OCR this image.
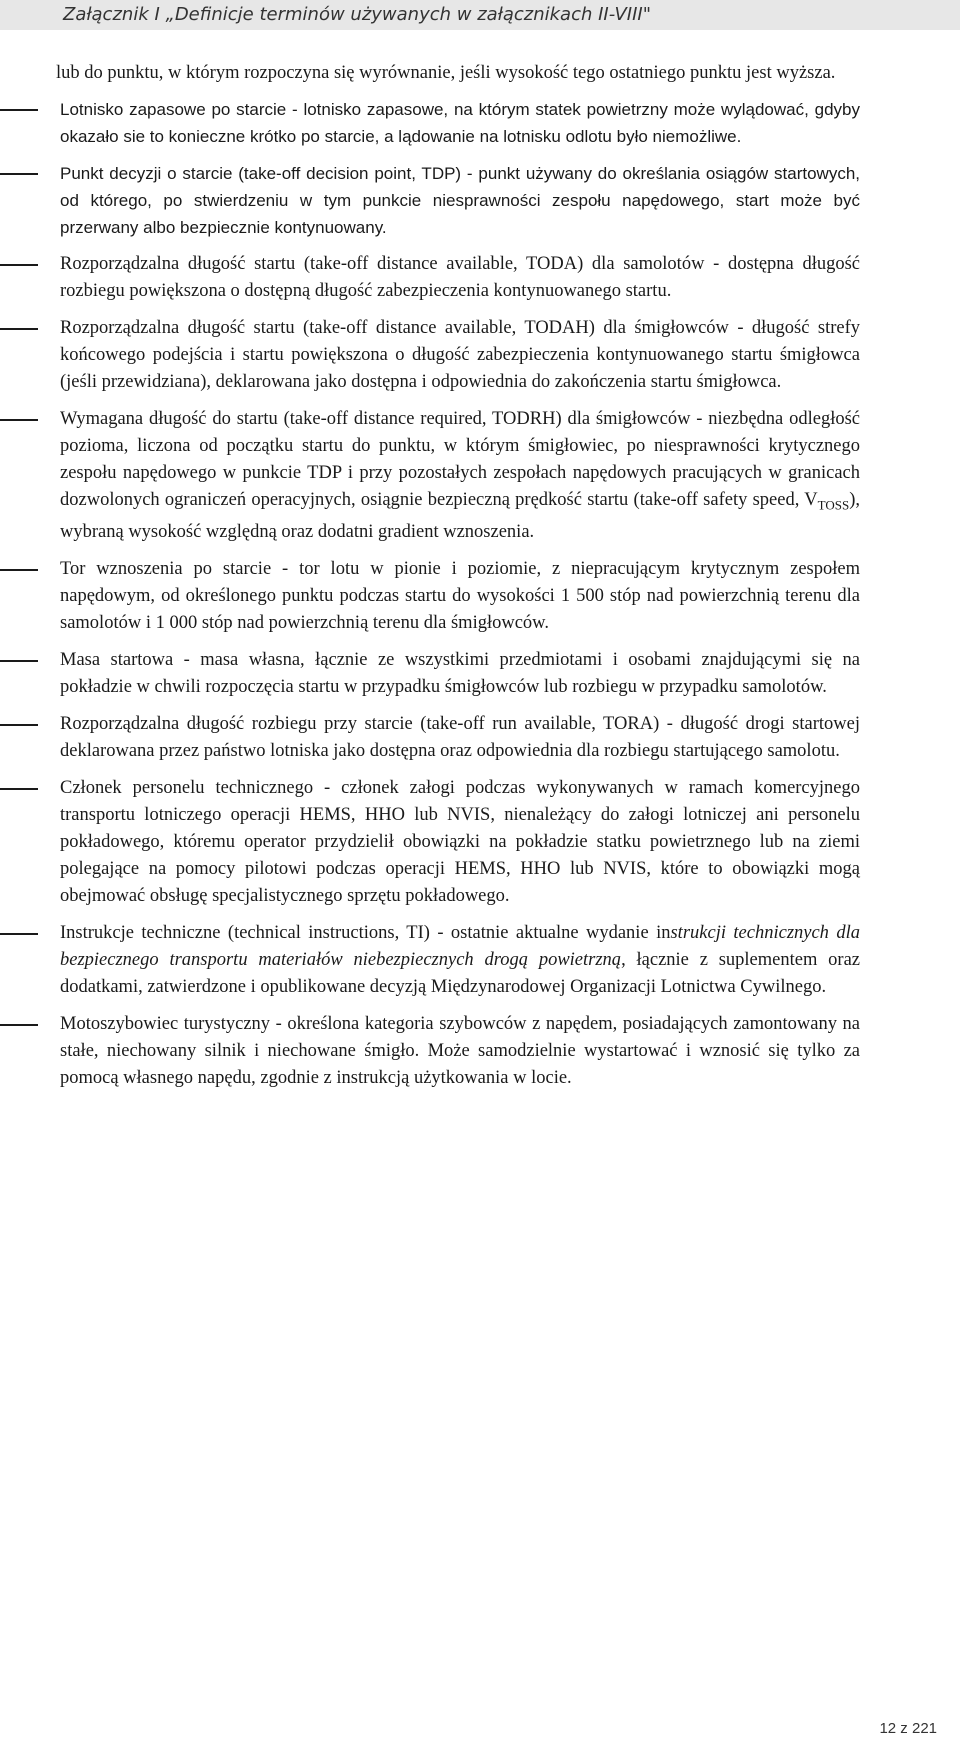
Załącznik I „Definicje terminów używanych w załącznikach II-VIII"

lub do punktu, w którym rozpoczyna się wyrównanie, jeśli wysokość tego ostatniego punktu jest wyższa.

Lotnisko zapasowe po starcie - lotnisko zapasowe, na którym statek powietrzny może wylądować, gdyby okazało sie to konieczne krótko po starcie, a lądowanie na lotnisku odlotu było niemożliwe.
Punkt decyzji o starcie (take-off decision point, TDP) - punkt używany do określania osiągów startowych, od którego, po stwierdzeniu w tym punkcie niesprawności zespołu napędowego, start może być przerwany albo bezpiecznie kontynuowany.
Rozporządzalna długość startu (take-off distance available, TODA) dla samolotów - dostępna długość rozbiegu powiększona o dostępną długość zabezpieczenia kontynuowanego startu.
Rozporządzalna długość startu (take-off distance available, TODAH) dla śmigłowców - długość strefy końcowego podejścia i startu powiększona o długość zabezpieczenia kontynuowanego startu śmigłowca (jeśli przewidziana), deklarowana jako dostępna i odpowiednia do zakończenia startu śmigłowca.
Wymagana długość do startu (take-off distance required, TODRH) dla śmigłowców - niezbędna odległość pozioma, liczona od początku startu do punktu, w którym śmigłowiec, po niesprawności krytycznego zespołu napędowego w punkcie TDP i przy pozostałych zespołach napędowych pracujących w granicach dozwolonych ograniczeń operacyjnych, osiągnie bezpieczną prędkość startu (take-off safety speed, $V_{TOSS}$), wybraną wysokość względną oraz dodatni gradient wznoszenia.
Tor wznoszenia po starcie - tor lotu w pionie i poziomie, z niepracującym krytycznym zespołem napędowym, od określonego punktu podczas startu do wysokości 1 500 stóp nad powierzchnią terenu dla samolotów i 1 000 stóp nad powierzchnią terenu dla śmigłowców.
Masa startowa - masa własna, łącznie ze wszystkimi przedmiotami i osobami znajdującymi się na pokładzie w chwili rozpoczęcia startu w przypadku śmigłowców lub rozbiegu w przypadku samolotów.
Rozporządzalna długość rozbiegu przy starcie (take-off run available, TORA) - długość drogi startowej deklarowana przez państwo lotniska jako dostępna oraz odpowiednia dla rozbiegu startującego samolotu.
Członek personelu technicznego - członek załogi podczas wykonywanych w ramach komercyjnego transportu lotniczego operacji HEMS, HHO lub NVIS, nienależący do załogi lotniczej ani personelu pokładowego, któremu operator przydzielił obowiązki na pokładzie statku powietrznego lub na ziemi polegające na pomocy pilotowi podczas operacji HEMS, HHO lub NVIS, które to obowiązki mogą obejmować obsługę specjalistycznego sprzętu pokładowego.
Instrukcje techniczne (technical instructions, TI) - ostatnie aktualne wydanie instrukcji technicznych dla bezpiecznego transportu materiałów niebezpiecznych drogą powietrzną, łącznie z suplementem oraz dodatkami, zatwierdzone i opublikowane decyzją Międzynarodowej Organizacji Lotnictwa Cywilnego.
Motoszybowiec turystyczny - określona kategoria szybowców z napędem, posiadających zamontowany na stałe, niechowany silnik i niechowane śmigło. Może samodzielnie wystartować i wznosić się tylko za pomocą własnego napędu, zgodnie z instrukcją użytkowania w locie.
12 z 221
